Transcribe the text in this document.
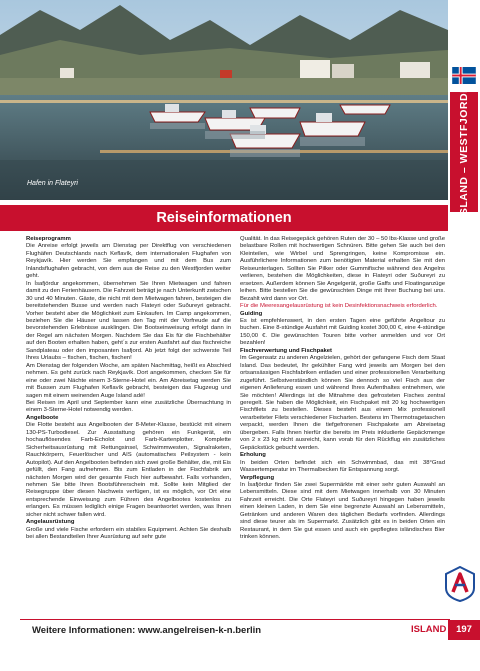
Hafen in Flateyri	ISLAND – WESTFJORDE
Reiseinformationen

Reiseprogramm

Die Anreise erfolgt jeweils am Dienstag per Direktflug von verschiedenen Flughäfen Deutschlands nach Keflavík, dem internationalen Flughafen von Reykjavík. Hier werden Sie empfangen und mit dem Bus zum Inlandsflughafen gebracht, von dem aus die Reise zu den Westfjorden weiter geht.

In Ísafjördur angekommen, übernehmen Sie Ihren Mietwagen und fahren damit zu den Ferienhäusern. Die Fahrzeit beträgt je nach Unterkunft zwischen 30 und 40 Minuten. Gäste, die nicht mit dem Mietwagen fahren, besteigen die bereitstehenden Busse und werden nach Flateyri oder Suðureyri gebracht. Vorher besteht aber die Möglichkeit zum Einkaufen. Im Camp angekommen, beziehen Sie die Häuser und lassen den Tag mit der Vorfreude auf die bevorstehenden Erlebnisse ausklingen. Die Bootseinweisung erfolgt dann in der Regel am nächsten Morgen. Nachdem Sie das Eis für die Fischbehälter auf den Booten erhalten haben, geht´s zur ersten Ausfahrt auf das fischreiche Sandplateau oder den imposanten Isafjord. Ab jetzt folgt der schwerste Teil Ihres Urlaubs – fischen, fischen, fischen!

Am Dienstag der folgenden Woche, am späten Nachmittag, heißt es Abschied nehmen. Es geht zurück nach Reykjavík. Dort angekommen, checken Sie für eine oder zwei Nächte einem 3-Sterne-Hotel ein. Am Abreisetag werden Sie mit Bussen zum Flughafen Keflavík gebracht, besteigen das Flugzeug und sagen mit einem weinenden Auge Island adé!

Bei Reisen im April und September kann eine zusätzliche Übernachtung in einem 3-Sterne-Hotel notwendig werden.

Angelboote

Die Flotte besteht aus Angelbooten der 8-Meter-Klasse, bestückt mit einem 130-PS-Turbodiesel. Zur Ausstattung gehören ein Funkgerät, ein hochauflösendes Farb-Echolot und Farb-Kartenplotter. Komplette Sicherheitsausrüstung mit Rettungsinsel, Schwimmwesten, Signalraketen, Rauchkörpern, Feuerlöscher und AIS (automatisches Peilsystem - kein Autopilot). Auf den Angelbooten befinden sich zwei große Behälter, die, mit Eis gefüllt, den Fang aufnehmen. Bis zum Entladen in der Fischfabrik am nächsten Morgen wird der gesamte Fisch hier aufbewahrt. Falls vorhanden, nehmen Sie bitte Ihren Bootsführerschein mit. Sollte kein Mitglied der Reisegruppe über diesen Nachweis verfügen, ist es möglich, vor Ort eine entsprechende Einweisung zum Führen des Angelbootes kostenlos zu erlangen. Es müssen lediglich einige Fragen beantwortet werden, was Ihnen sicher nicht schwer fallen wird.

Angelausrüstung

Große und viele Fische erfordern ein stabiles Equipment. Achten Sie deshalb bei allen Bestandteilen Ihrer Ausrüstung auf sehr gute

Qualität. In das Reisegepäck gehören Ruten der 30 – 50 lbs-Klasse und große belastbare Rollen mit hochwertigen Schnüren. Bitte gehen Sie auch bei den Kleinteilen, wie Wirbel und Sprengringen, keine Kompromisse ein. Ausführlichere Informationen zum benötigten Material erhalten Sie mit den Reiseunterlagen. Sollten Sie Pilker oder Gummifische während des Angelns verlieren, bestehen die Möglichkeiten, diese in Flateyri oder Suðureyri zu ersetzen. Außerdem können Sie Angelgerät, große Gaffs und Floatinganzüge leihen. Bitte bestellen Sie die gewünschten Dinge mit Ihrer Buchung bei uns. Bezahlt wird dann vor Ort.

Für die Meeresangelausrüstung ist kein Desinfektionsnachweis erforderlich.

Guiding

Es ist empfehlenswert, in den ersten Tagen eine geführte Angeltour zu buchen. Eine 8-stündige Ausfahrt mit Guiding kostet 300,00 €, eine 4-stündige 150,00 €. Die gewünschten Touren bitte vorher anmelden und vor Ort bezahlen!

Fischverwertung und Fischpaket

Im Gegensatz zu anderen Angelzielen, gehört der gefangene Fisch dem Staat Island. Das bedeutet, Ihr gekühlter Fang wird jeweils am Morgen bei den ortsansässigen Fischfabriken entladen und einer professionellen Verarbeitung zugeführt. Selbstverständlich können Sie dennoch so viel Fisch aus der eigenen Anlieferung essen und während Ihres Aufenthaltes entnehmen, wie Sie möchten! Allerdings ist die Mitnahme des gefrosteten Fisches zentral geregelt. Sie haben die Möglichkeit, ein Fischpaket mit 20 kg hochwertigen Fischfilets zu bestellen. Dieses besteht aus einem Mix professionell verarbeiteter Filets verschiedener Fischarten. Bestens im Thermotragetaschen verpackt, werden Ihnen die tiefgefrorenen Fischpakete am Abreisetag übergeben. Falls Ihnen hierfür die bereits im Preis inkludierte Gepäckmenge von 2 x 23 kg nicht ausreicht, kann vorab für den Rückflug ein zusätzliches Gepäckstück gebucht werden.

Erholung

In beiden Orten befindet sich ein Schwimmbad, das mit 38°Grad Wassertemperatur im Thermalbecken für Entspannung sorgt.

Verpflegung

In Ísafjördur finden Sie zwei Supermärkte mit einer sehr guten Auswahl an Lebensmitteln. Diese sind mit dem Mietwagen innerhalb von 30 Minuten Fahrzeit erreicht. Die Orte Flateyri und Suðureyri hingegen haben jeweils einen kleinen Laden, in dem Sie eine begrenzte Auswahl an Lebensmitteln, Getränken und anderen Waren des täglichen Bedarfs vorfinden. Allerdings sind diese teurer als im Supermarkt. Zusätzlich gibt es in beiden Orten ein Restaurant, in dem Sie gut essen und auch ein gepflegtes isländisches Bier trinken können.

Weitere Informationen: www.angelreisen-k-n.berlin	ISLAND	197
